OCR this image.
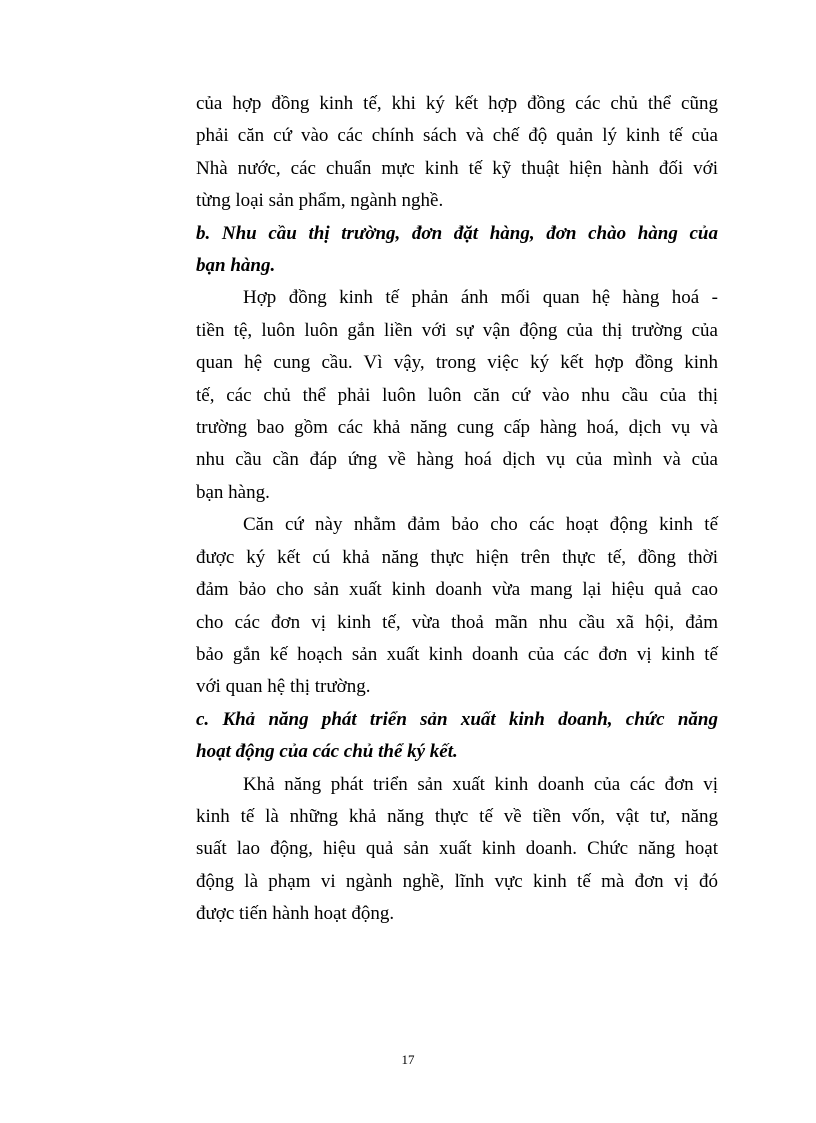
của hợp đồng kinh tế, khi ký kết hợp đồng các chủ thể cũng
phải căn cứ vào các chính sách và chế độ quản lý kinh tế của
Nhà nước, các chuẩn mực kinh tế kỹ thuật hiện hành đối với
từng loại sản phẩm, ngành nghề.
b. Nhu cầu thị trường, đơn đặt hàng, đơn chào hàng của
bạn hàng.
Hợp đồng kinh tế phản ánh mối quan hệ hàng hoá -
tiền tệ, luôn luôn gắn liền với sự vận động của thị trường của
quan hệ cung cầu. Vì vậy, trong việc ký kết hợp đồng kinh
tế, các chủ thể phải luôn luôn căn cứ vào nhu cầu của thị
trường bao gồm các khả năng cung cấp hàng hoá, dịch vụ và
nhu cầu cần đáp ứng về hàng hoá dịch vụ của mình và của
bạn hàng.
Căn cứ này nhằm đảm bảo cho các hoạt động kinh tế
được ký kết cú khả năng thực hiện trên thực tế, đồng thời
đảm bảo cho sản xuất kinh doanh vừa mang lại hiệu quả cao
cho các đơn vị kinh tế, vừa thoả mãn nhu cầu xã hội, đảm
bảo gắn kế hoạch sản xuất kinh doanh của các đơn vị kinh tế
với quan hệ thị trường.
c. Khả năng phát triển sản xuất kinh doanh, chức năng
hoạt động của các chủ thể ký kết.
Khả năng phát triển sản xuất kinh doanh của các đơn vị
kinh tế là những khả năng thực tế về tiền vốn, vật tư, năng
suất lao động, hiệu quả sản xuất kinh doanh. Chức năng hoạt
động là phạm vi ngành nghề, lĩnh vực kinh tế mà đơn vị đó
được tiến hành hoạt động.
17
